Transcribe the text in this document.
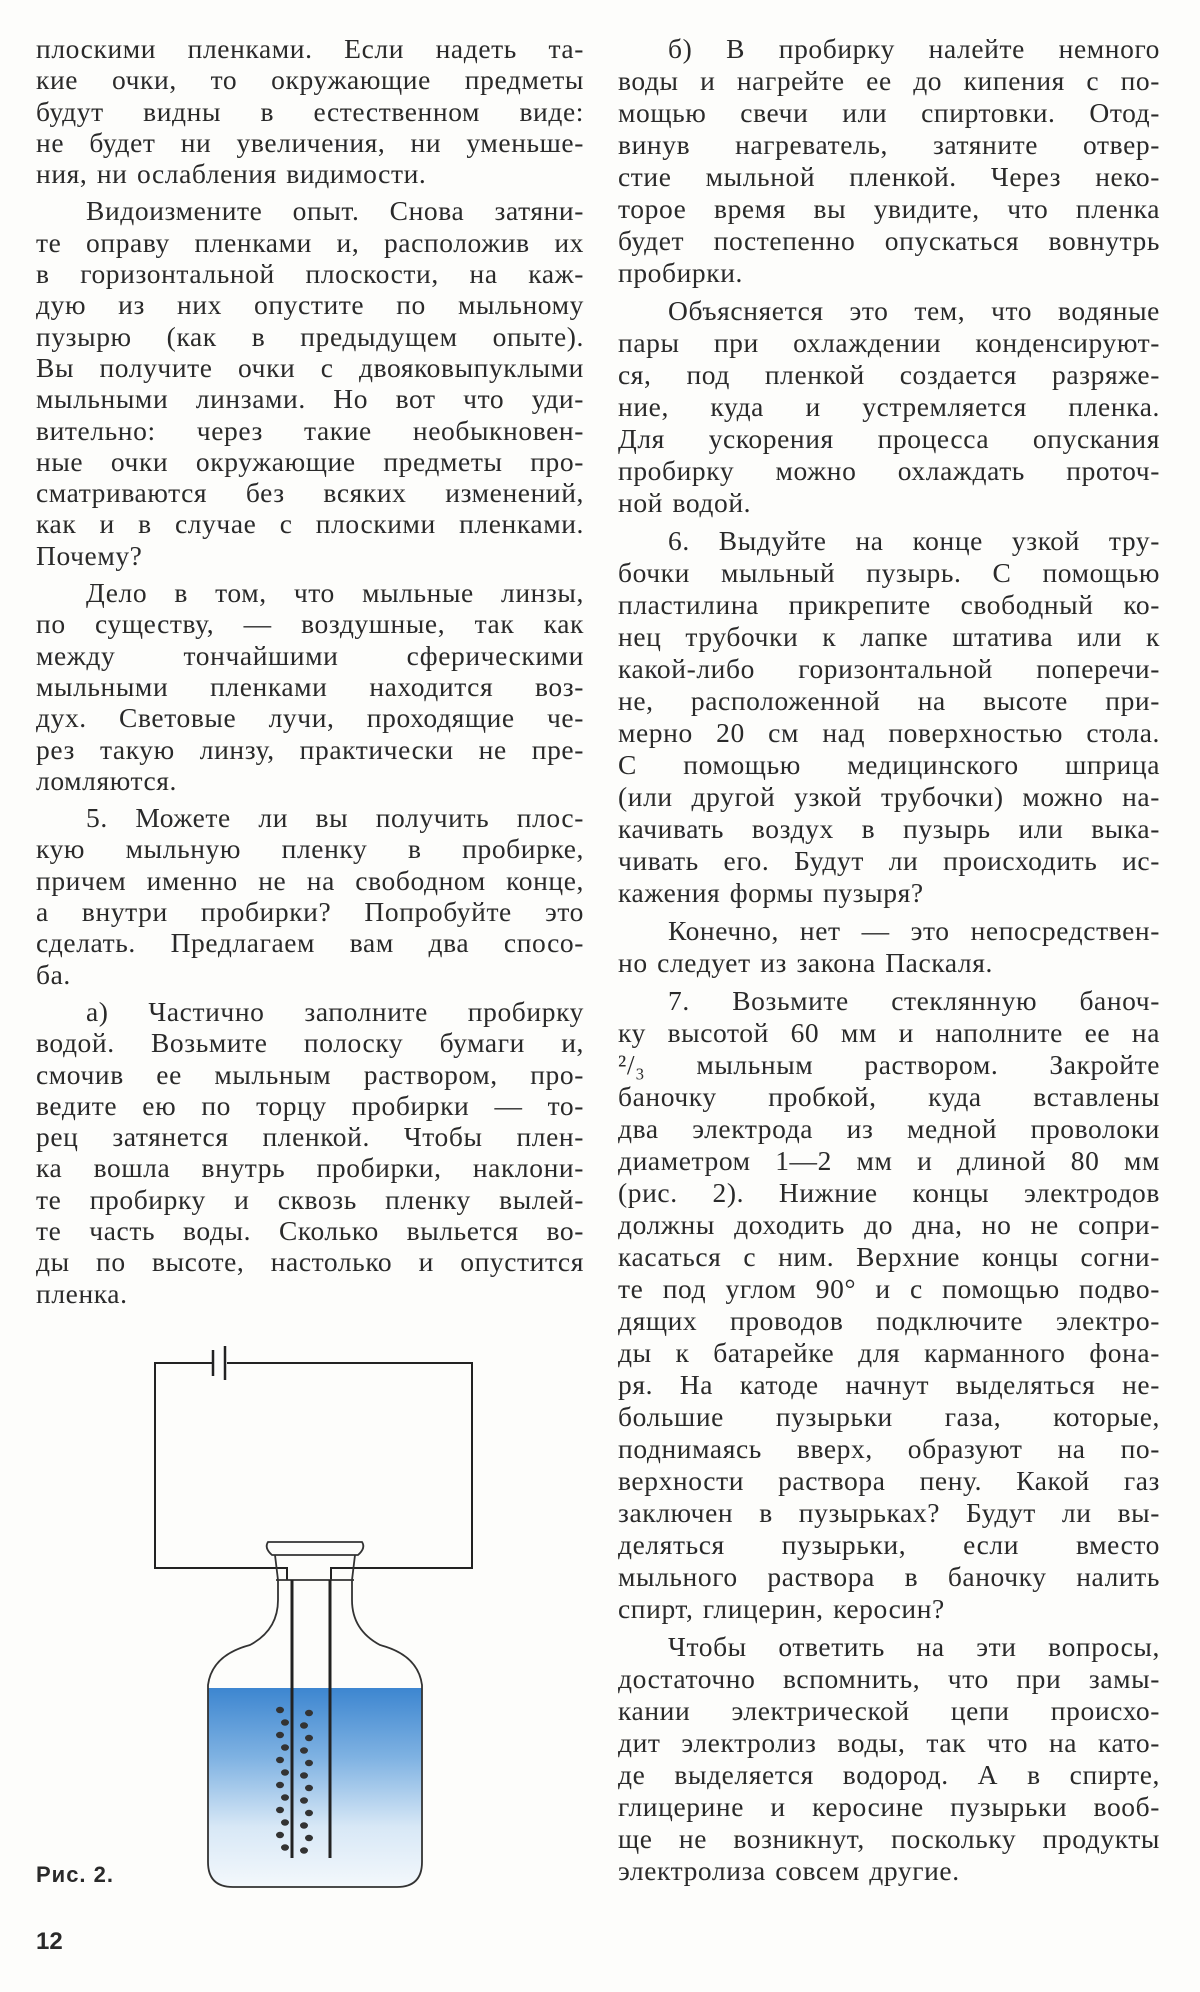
плоскими пленками. Если надеть та-
кие очки, то окружающие предметы
будут видны в естественном виде:
не будет ни увеличения, ни уменьше-
ния, ни ослабления видимости.
Видоизмените опыт. Снова затяни-
те оправу пленками и, расположив их
в горизонтальной плоскости, на каж-
дую из них опустите по мыльному
пузырю (как в предыдущем опыте).
Вы получите очки с двояковыпуклыми
мыльными линзами. Но вот что уди-
вительно: через такие необыкновен-
ные очки окружающие предметы про-
сматриваются без всяких изменений,
как и в случае с плоскими пленками.
Почему?
Дело в том, что мыльные линзы,
по существу, — воздушные, так как
между тончайшими сферическими
мыльными пленками находится воз-
дух. Световые лучи, проходящие че-
рез такую линзу, практически не пре-
ломляются.
5. Можете ли вы получить плос-
кую мыльную пленку в пробирке,
причем именно не на свободном конце,
а внутри пробирки? Попробуйте это
сделать. Предлагаем вам два спосо-
ба.
а) Частично заполните пробирку
водой. Возьмите полоску бумаги и,
смочив ее мыльным раствором, про-
ведите ею по торцу пробирки — то-
рец затянется пленкой. Чтобы плен-
ка вошла внутрь пробирки, наклони-
те пробирку и сквозь пленку вылей-
те часть воды. Сколько выльется во-
ды по высоте, настолько и опустится
пленка.
б) В пробирку налейте немного
воды и нагрейте ее до кипения с по-
мощью свечи или спиртовки. Отод-
винув нагреватель, затяните отвер-
стие мыльной пленкой. Через неко-
торое время вы увидите, что пленка
будет постепенно опускаться вовнутрь
пробирки.
Объясняется это тем, что водяные
пары при охлаждении конденсируют-
ся, под пленкой создается разряже-
ние, куда и устремляется пленка.
Для ускорения процесса опускания
пробирку можно охлаждать проточ-
ной водой.
6. Выдуйте на конце узкой тру-
бочки мыльный пузырь. С помощью
пластилина прикрепите свободный ко-
нец трубочки к лапке штатива или к
какой-либо горизонтальной поперечи-
не, расположенной на высоте при-
мерно 20 см над поверхностью стола.
С помощью медицинского шприца
(или другой узкой трубочки) можно на-
качивать воздух в пузырь или выка-
чивать его. Будут ли происходить ис-
кажения формы пузыря?
Конечно, нет — это непосредствен-
но следует из закона Паскаля.
7. Возьмите стеклянную баноч-
ку высотой 60 мм и наполните ее на
²/₃ мыльным раствором. Закройте
баночку пробкой, куда вставлены
два электрода из медной проволоки
диаметром 1—2 мм и длиной 80 мм
(рис. 2). Нижние концы электродов
должны доходить до дна, но не сопри-
касаться с ним. Верхние концы согни-
те под углом 90° и с помощью подво-
дящих проводов подключите электро-
ды к батарейке для карманного фона-
ря. На катоде начнут выделяться не-
большие пузырьки газа, которые,
поднимаясь вверх, образуют на по-
верхности раствора пену. Какой газ
заключен в пузырьках? Будут ли вы-
деляться пузырьки, если вместо
мыльного раствора в баночку налить
спирт, глицерин, керосин?
Чтобы ответить на эти вопросы,
достаточно вспомнить, что при замы-
кании электрической цепи происхо-
дит электролиз воды, так что на като-
де выделяется водород. А в спирте,
глицерине и керосине пузырьки вооб-
ще не возникнут, поскольку продукты
электролиза совсем другие.
Рис. 2.
12
